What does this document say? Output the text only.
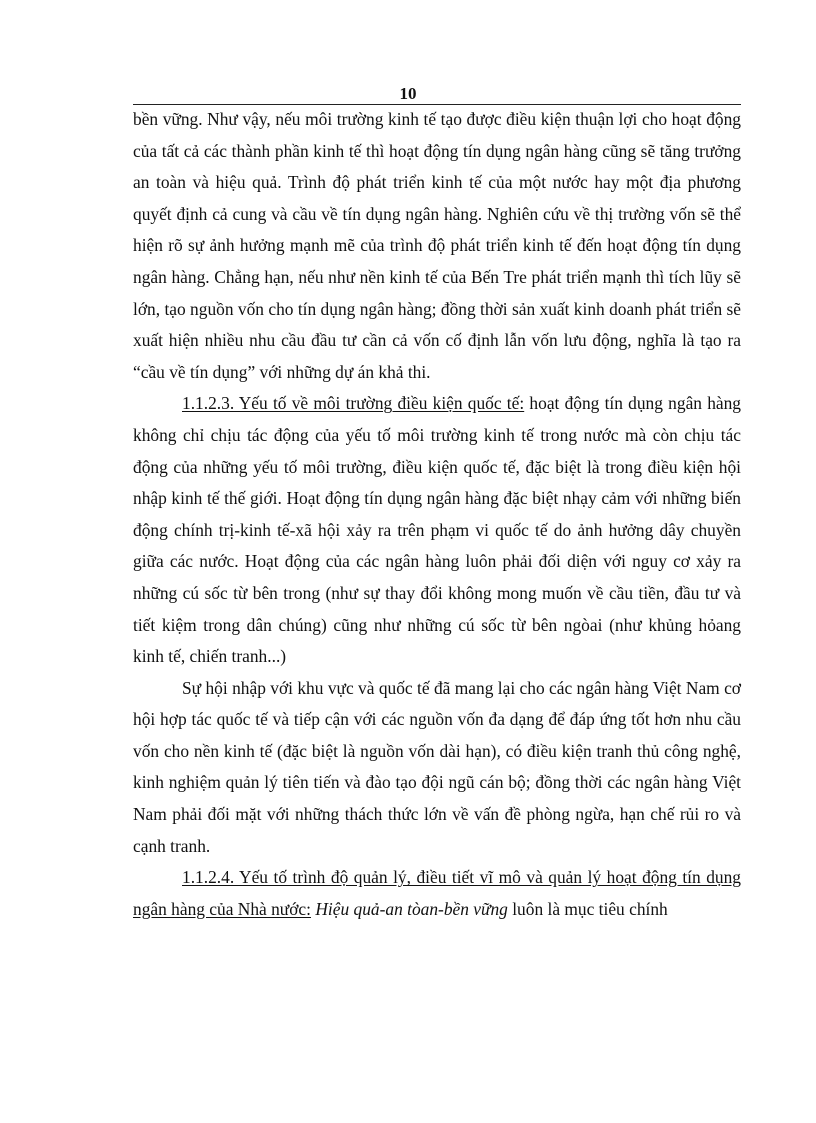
10

bền vững. Như vậy, nếu môi trường kinh tế tạo được điều kiện thuận lợi cho hoạt động của tất cả các thành phần kinh tế thì hoạt động tín dụng ngân hàng cũng sẽ tăng trưởng an toàn và hiệu quả. Trình độ phát triển kinh tế của một nước hay một địa phương quyết định cả cung và cầu về tín dụng ngân hàng. Nghiên cứu về thị trường vốn sẽ thể hiện rõ sự ảnh hưởng mạnh mẽ của trình độ phát triển kinh tế đến hoạt động tín dụng ngân hàng. Chẳng hạn, nếu như nền kinh tế của Bến Tre phát triển mạnh thì tích lũy sẽ lớn, tạo nguồn vốn cho tín dụng ngân hàng; đồng thời sản xuất kinh doanh phát triển sẽ xuất hiện nhiều nhu cầu đầu tư cần cả vốn cố định lẫn vốn lưu động, nghĩa là tạo ra “cầu về tín dụng” với những dự án khả thi.

1.1.2.3. Yếu tố về môi trường điều kiện quốc tế: hoạt động tín dụng ngân hàng không chỉ chịu tác động của yếu tố môi trường kinh tế trong nước mà còn chịu tác động của những yếu tố môi trường, điều kiện quốc tế, đặc biệt là trong điều kiện hội nhập kinh tế thế giới. Hoạt động tín dụng ngân hàng đặc biệt nhạy cảm với những biến động chính trị-kinh tế-xã hội xảy ra trên phạm vi quốc tế do ảnh hưởng dây chuyền giữa các nước. Hoạt động của các ngân hàng luôn phải đối diện với nguy cơ xảy ra những cú sốc từ bên trong (như sự thay đổi không mong muốn về cầu tiền, đầu tư và tiết kiệm trong dân chúng) cũng như những cú sốc từ bên ngòai (như khủng hỏang kinh tế, chiến tranh...)

Sự hội nhập với khu vực và quốc tế đã mang lại cho các ngân hàng Việt Nam cơ hội hợp tác quốc tế và tiếp cận với các nguồn vốn đa dạng để đáp ứng tốt hơn nhu cầu vốn cho nền kinh tế (đặc biệt là nguồn vốn dài hạn), có điều kiện tranh thủ công nghệ, kinh nghiệm quản lý tiên tiến và đào tạo đội ngũ cán bộ; đồng thời các ngân hàng Việt Nam phải đối mặt với những thách thức lớn về vấn đề phòng ngừa, hạn chế rủi ro và cạnh tranh.

1.1.2.4. Yếu tố trình độ quản lý, điều tiết vĩ mô và quản lý hoạt động tín dụng ngân hàng của Nhà nước: Hiệu quả-an tòan-bền vững luôn là mục tiêu chính
